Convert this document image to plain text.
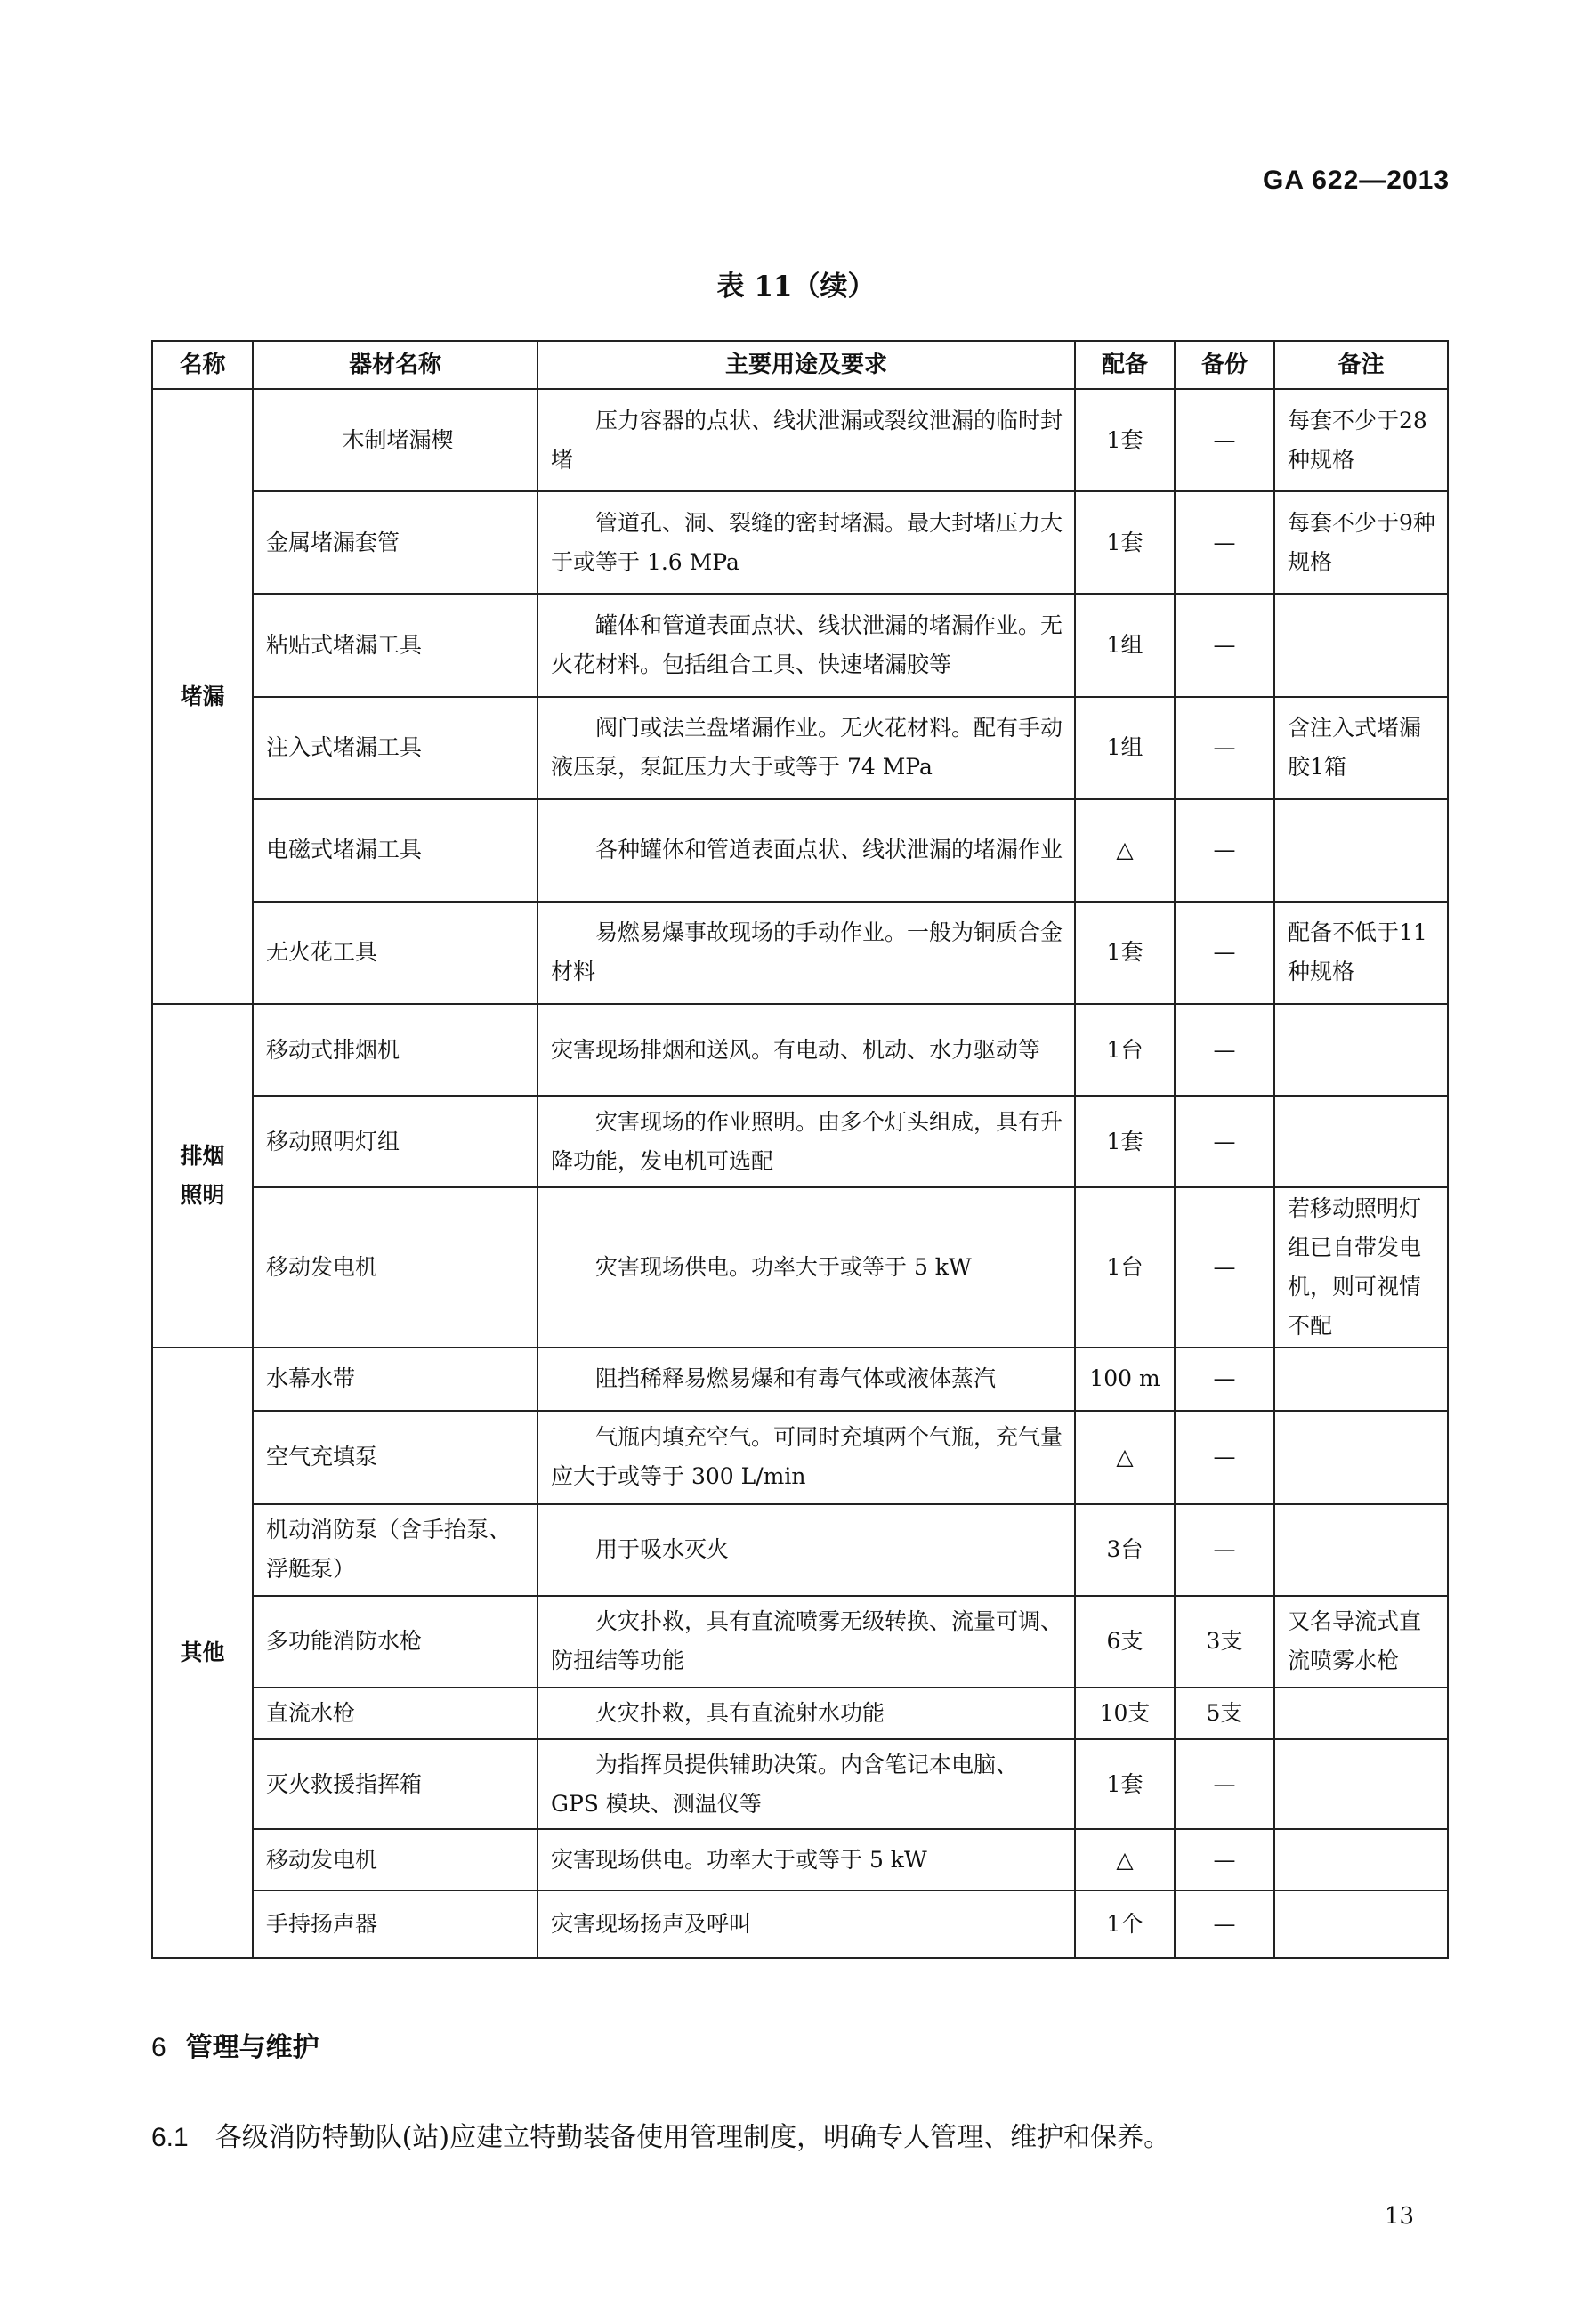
GA 622—2013
表 11（续）
名称	器材名称	主要用途及要求	配备	备份	备注
堵漏	木制堵漏楔	压力容器的点状、线状泄漏或裂纹泄漏的临时封堵	1套	—	每套不少于28种规格
	金属堵漏套管	管道孔、洞、裂缝的密封堵漏。最大封堵压力大于或等于 1.6 MPa	1套	—	每套不少于9种规格
	粘贴式堵漏工具	罐体和管道表面点状、线状泄漏的堵漏作业。无火花材料。包括组合工具、快速堵漏胶等	1组	—	
	注入式堵漏工具	阀门或法兰盘堵漏作业。无火花材料。配有手动液压泵，泵缸压力大于或等于 74 MPa	1组	—	含注入式堵漏胶1箱
	电磁式堵漏工具	各种罐体和管道表面点状、线状泄漏的堵漏作业	△	—	
	无火花工具	易燃易爆事故现场的手动作业。一般为铜质合金材料	1套	—	配备不低于11种规格
排烟照明	移动式排烟机	灾害现场排烟和送风。有电动、机动、水力驱动等	1台	—	
	移动照明灯组	灾害现场的作业照明。由多个灯头组成，具有升降功能，发电机可选配	1套	—	
	移动发电机	灾害现场供电。功率大于或等于 5 kW	1台	—	若移动照明灯组已自带发电机，则可视情不配
其他	水幕水带	阻挡稀释易燃易爆和有毒气体或液体蒸汽	100 m	—	
	空气充填泵	气瓶内填充空气。可同时充填两个气瓶，充气量应大于或等于 300 L/min	△	—	
	机动消防泵（含手抬泵、浮艇泵）	用于吸水灭火	3台	—	
	多功能消防水枪	火灾扑救，具有直流喷雾无级转换、流量可调、防扭结等功能	6支	3支	又名导流式直流喷雾水枪
	直流水枪	火灾扑救，具有直流射水功能	10支	5支	
	灭火救援指挥箱	为指挥员提供辅助决策。内含笔记本电脑、GPS 模块、测温仪等	1套	—	
	移动发电机	灾害现场供电。功率大于或等于 5 kW	△	—	
	手持扬声器	灾害现场扬声及呼叫	1个	—	
6 管理与维护
6.1 各级消防特勤队(站)应建立特勤装备使用管理制度，明确专人管理、维护和保养。
13
